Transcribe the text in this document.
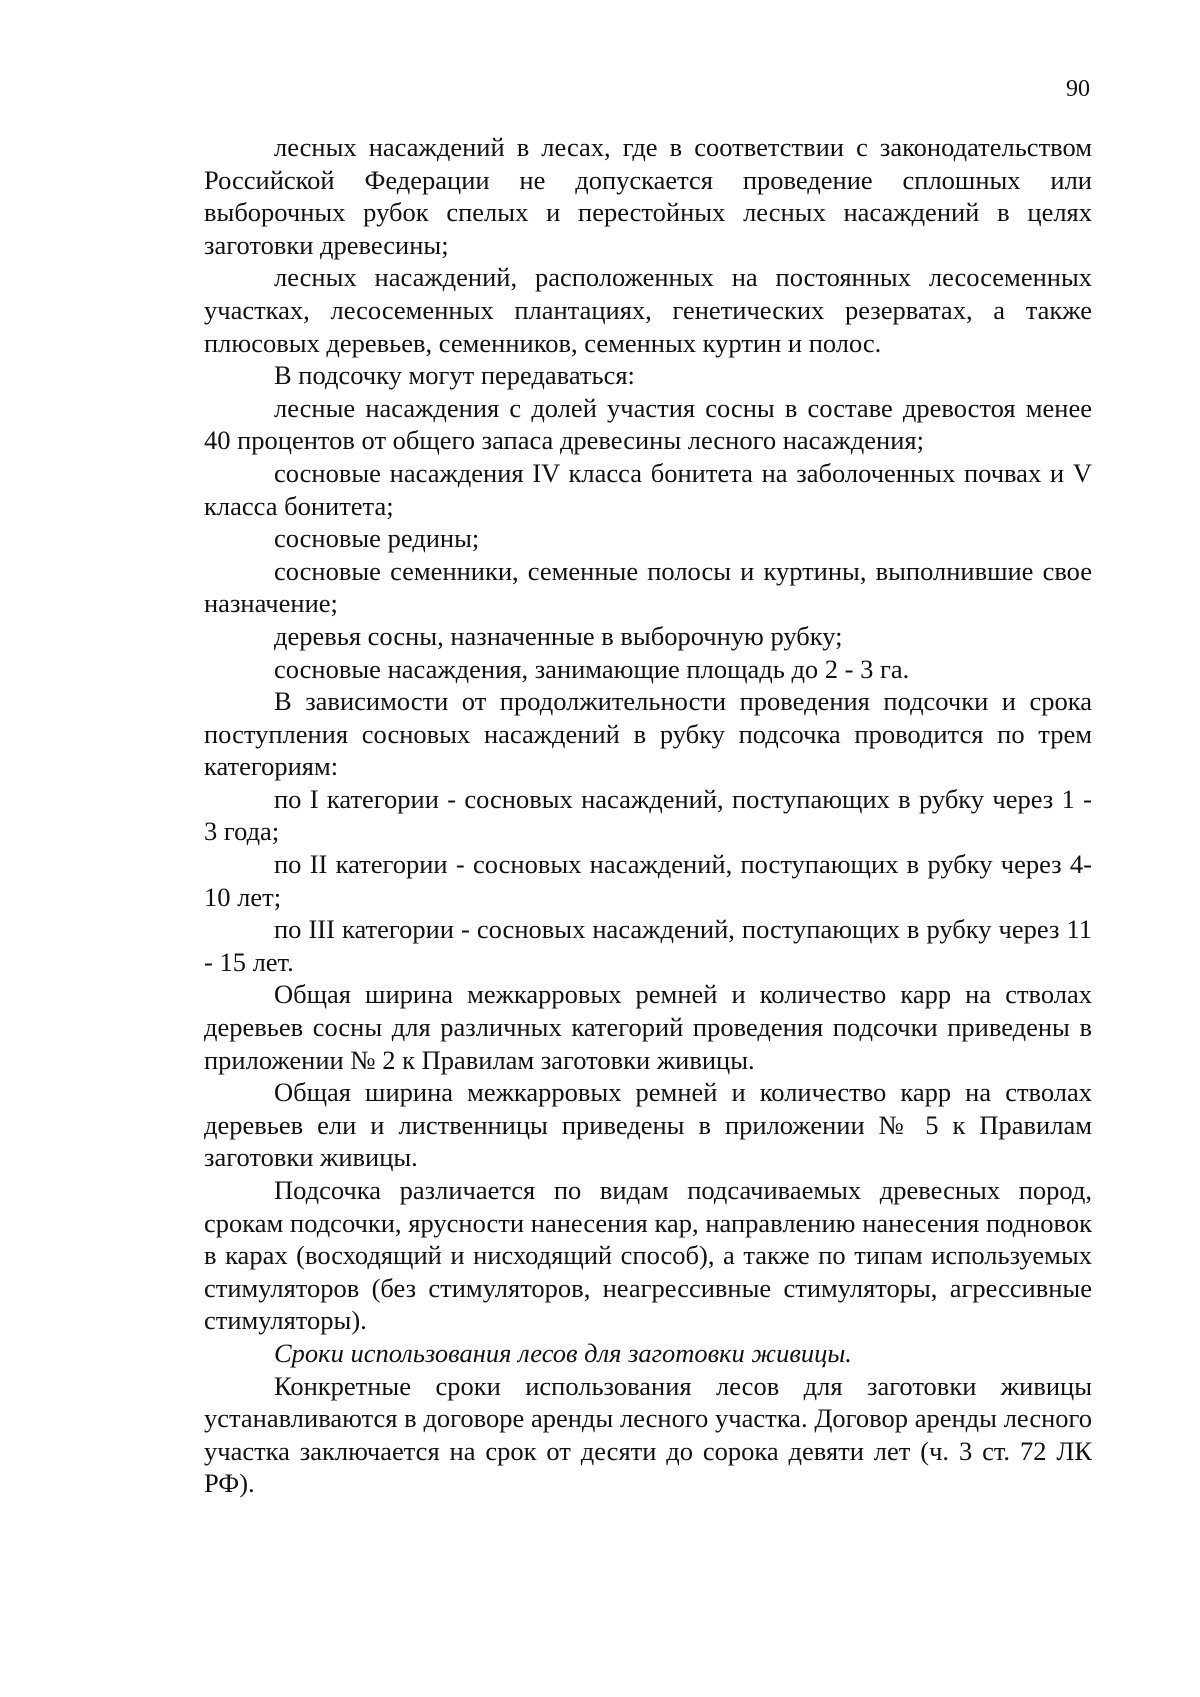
90

лесных насаждений в лесах, где в соответствии с законодательством Российской Федерации не допускается проведение сплошных или выборочных рубок спелых и перестойных лесных насаждений в целях заготовки древесины;

лесных насаждений, расположенных на постоянных лесосеменных участках, лесосеменных плантациях, генетических резерватах, а также плюсовых деревьев, семенников, семенных куртин и полос.

В подсочку могут передаваться:

лесные насаждения с долей участия сосны в составе древостоя менее 40 процентов от общего запаса древесины лесного насаждения;

сосновые насаждения IV класса бонитета на заболоченных почвах и V класса бонитета;

сосновые редины;

сосновые семенники, семенные полосы и куртины, выполнившие свое назначение;

деревья сосны, назначенные в выборочную рубку;

сосновые насаждения, занимающие площадь до 2 - 3 га.

В зависимости от продолжительности проведения подсочки и срока поступления сосновых насаждений в рубку подсочка проводится по трем категориям:

по I категории - сосновых насаждений, поступающих в рубку через 1 - 3 года;

по II категории - сосновых насаждений, поступающих в рубку через 4- 10 лет;

по III категории - сосновых насаждений, поступающих в рубку через 11 - 15 лет.

Общая ширина межкарровых ремней и количество карр на стволах деревьев сосны для различных категорий проведения подсочки приведены в приложении № 2 к Правилам заготовки живицы.

Общая ширина межкарровых ремней и количество карр на стволах деревьев ели и лиственницы приведены в приложении № 5 к Правилам заготовки живицы.

Подсочка различается по видам подсачиваемых древесных пород, срокам подсочки, ярусности нанесения кар, направлению нанесения подновок в карах (восходящий и нисходящий способ), а также по типам используемых стимуляторов (без стимуляторов, неагрессивные стимуляторы, агрессивные стимуляторы).

Сроки использования лесов для заготовки живицы.

Конкретные сроки использования лесов для заготовки живицы устанавливаются в договоре аренды лесного участка. Договор аренды лесного участка заключается на срок от десяти до сорока девяти лет (ч. 3 ст. 72 ЛК РФ).
